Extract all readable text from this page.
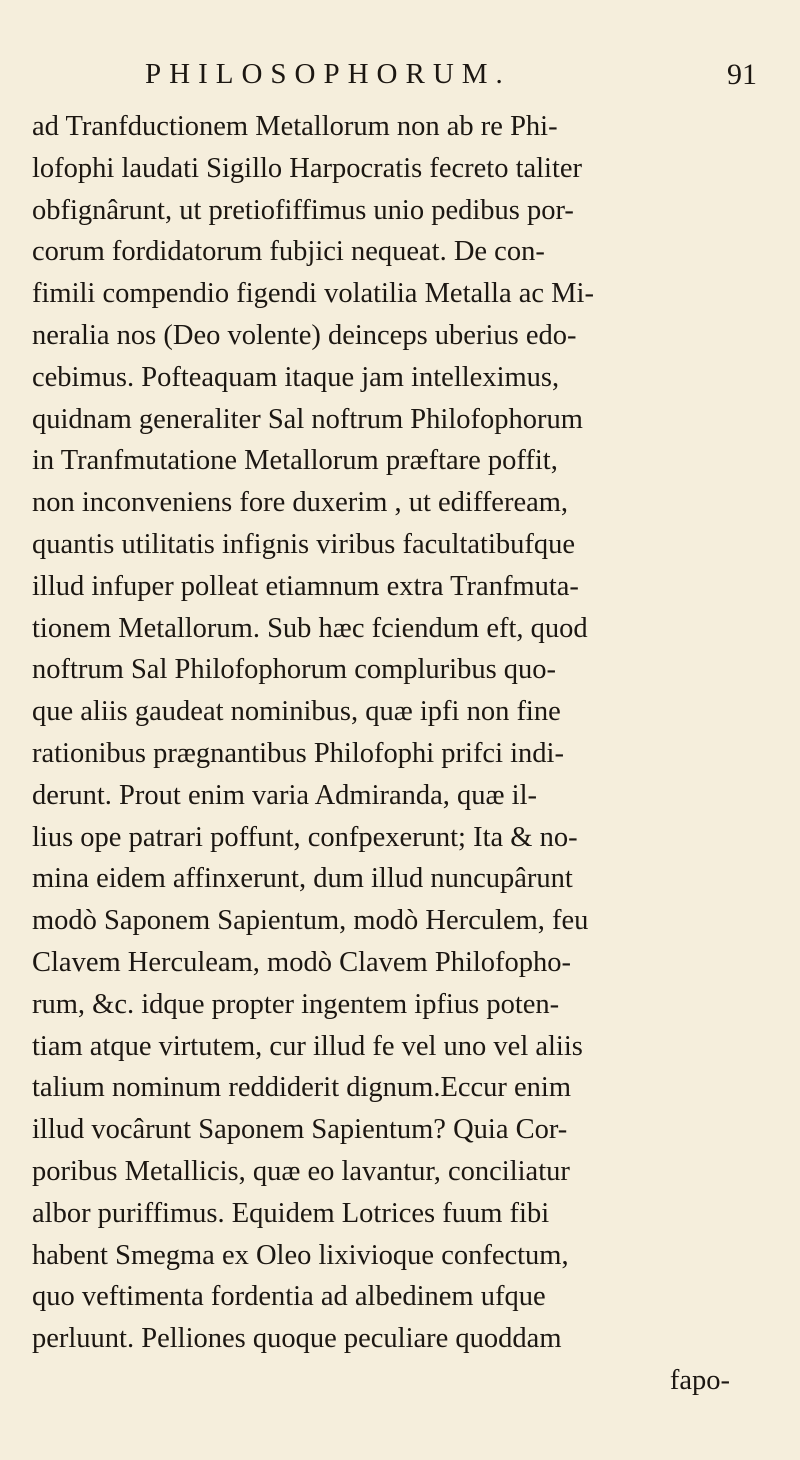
PHILOSOPHORUM.	91
ad Tranfductionem Metallorum non ab re Phi-
lofophi laudati Sigillo Harpocratis fecreto taliter
obfignârunt, ut pretiofiffimus unio pedibus por-
corum fordidatorum fubjici nequeat. De con-
fimili compendio figendi volatilia Metalla ac Mi-
neralia nos (Deo volente) deinceps uberius edo-
cebimus. Pofteaquam itaque jam intelleximus,
quidnam generaliter Sal noftrum Philofophorum
in Tranfmutatione Metallorum præftare poffit,
non inconveniens fore duxerim , ut ediffeream,
quantis utilitatis infignis viribus facultatibufque
illud infuper polleat etiamnum extra Tranfmuta-
tionem Metallorum. Sub hæc fciendum eft, quod
noftrum Sal Philofophorum compluribus quo-
que aliis gaudeat nominibus, quæ ipfi non fine
rationibus prægnantibus Philofophi prifci indi-
derunt. Prout enim varia Admiranda, quæ il-
lius ope patrari poffunt, confpexerunt; Ita & no-
mina eidem affinxerunt, dum illud nuncupârunt
modò Saponem Sapientum, modò Herculem, feu
Clavem Herculeam, modò Clavem Philofopho-
rum, &c. idque propter ingentem ipfius poten-
tiam atque virtutem, cur illud fe vel uno vel aliis
talium nominum reddiderit dignum.Eccur enim
illud vocârunt Saponem Sapientum? Quia Cor-
poribus Metallicis, quæ eo lavantur, conciliatur
albor puriffimus. Equidem Lotrices fuum fibi
habent Smegma ex Oleo lixivioque confectum,
quo veftimenta fordentia ad albedinem ufque
perluunt. Pelliones quoque peculiare quoddam
fapo-
